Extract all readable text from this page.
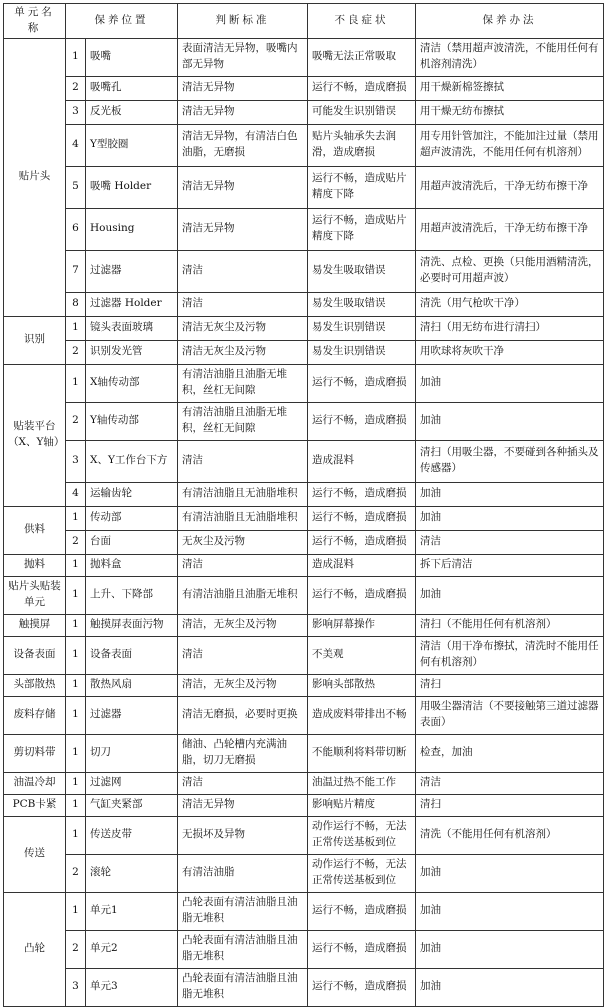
单元名称	保养位置		判断标准	不良症状	保养办法
贴片头	1	吸嘴	表面清洁无异物，吸嘴内部无异物	吸嘴无法正常吸取	清洁（禁用超声波清洗，不能用任何有机溶剂清洗）
	2	吸嘴孔	清洁无异物	运行不畅，造成磨损	用干燥新棉签擦拭
	3	反光板	清洁无异物	可能发生识别错误	用干燥无纺布擦拭
	4	Y型胶圈	清洁无异物，有清洁白色油脂，无磨损	贴片头轴承失去润滑，造成磨损	用专用针管加注，不能加注过量（禁用超声波清洗，不能用任何有机溶剂）
	5	吸嘴 Holder	清洁无异物	运行不畅，造成贴片精度下降	用超声波清洗后，干净无纺布擦干净
	6	Housing	清洁无异物	运行不畅，造成贴片精度下降	用超声波清洗后，干净无纺布擦干净
	7	过滤器	清洁	易发生吸取错误	清洗、点检、更换（只能用酒精清洗，必要时可用超声波）
	8	过滤器 Holder	清洁	易发生吸取错误	清洗（用气枪吹干净）
识别	1	镜头表面玻璃	清洁无灰尘及污物	易发生识别错误	清扫（用无纺布进行清扫）
	2	识别发光管	清洁无灰尘及污物	易发生识别错误	用吹球将灰吹干净
贴装平台（X、Y轴）	1	X轴传动部	有清洁油脂且油脂无堆积，丝杠无间隙	运行不畅，造成磨损	加油
	2	Y轴传动部	有清洁油脂且油脂无堆积，丝杠无间隙	运行不畅，造成磨损	加油
	3	X、Y工作台下方	清洁	造成混料	清扫（用吸尘器，不要碰到各种插头及传感器）
	4	运输齿轮	有清洁油脂且无油脂堆积	运行不畅，造成磨损	加油
供料	1	传动部	有清洁油脂且无油脂堆积	运行不畅，造成磨损	加油
	2	台面	无灰尘及污物	运行不畅，造成磨损	清洁
抛料	1	抛料盒	清洁	造成混料	拆下后清洁
贴片头贴装单元	1	上升、下降部	有清洁油脂且油脂无堆积	运行不畅，造成磨损	加油
触摸屏	1	触摸屏表面污物	清洁，无灰尘及污物	影响屏幕操作	清扫（不能用任何有机溶剂）
设备表面	1	设备表面	清洁	不美观	清洁（用干净布擦拭，清洗时不能用任何有机溶剂）
头部散热	1	散热风扇	清洁，无灰尘及污物	影响头部散热	清扫
废料存储	1	过滤器	清洁无磨损，必要时更换	造成废料带排出不畅	用吸尘器清洁（不要接触第三道过滤器表面）
剪切料带	1	切刀	储油、凸轮槽内充满油脂，切刀无磨损	不能顺利将料带切断	检查，加油
油温冷却	1	过滤网	清洁	油温过热不能工作	清洁
PCB卡紧	1	气缸夹紧部	清洁无异物	影响贴片精度	清扫
传送	1	传送皮带	无损坏及异物	动作运行不畅，无法正常传送基板到位	清洗（不能用任何有机溶剂）
	2	滚轮	有清洁油脂	动作运行不畅，无法正常传送基板到位	加油
凸轮	1	单元1	凸轮表面有清洁油脂且油脂无堆积	运行不畅，造成磨损	加油
	2	单元2	凸轮表面有清洁油脂且油脂无堆积	运行不畅，造成磨损	加油
	3	单元3	凸轮表面有清洁油脂且油脂无堆积	运行不畅，造成磨损	加油
